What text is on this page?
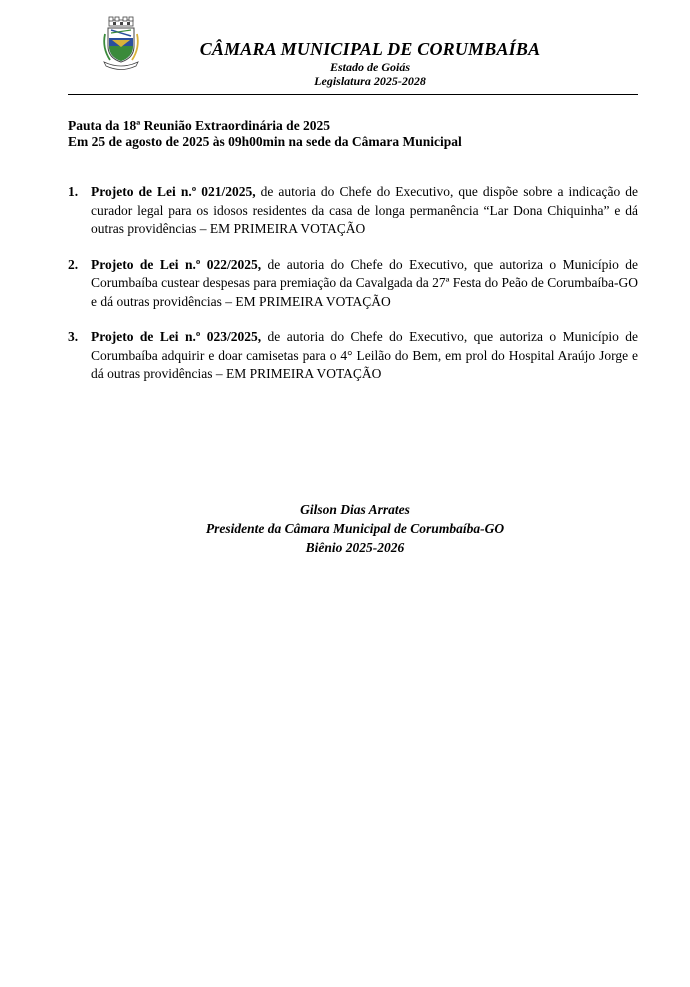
CÂMARA MUNICIPAL DE CORUMBAÍBA
Estado de Goiás
Legislatura 2025-2028
Pauta da 18ª Reunião Extraordinária de 2025
Em 25 de agosto de 2025 às 09h00min na sede da Câmara Municipal
1. Projeto de Lei n.º 021/2025, de autoria do Chefe do Executivo, que dispõe sobre a indicação de curador legal para os idosos residentes da casa de longa permanência “Lar Dona Chiquinha” e dá outras providências – EM PRIMEIRA VOTAÇÃO
2. Projeto de Lei n.º 022/2025, de autoria do Chefe do Executivo, que autoriza o Município de Corumbaíba custear despesas para premiação da Cavalgada da 27ª Festa do Peão de Corumbaíba-GO e dá outras providências – EM PRIMEIRA VOTAÇÃO
3. Projeto de Lei n.º 023/2025, de autoria do Chefe do Executivo, que autoriza o Município de Corumbaíba adquirir e doar camisetas para o 4° Leilão do Bem, em prol do Hospital Araújo Jorge e dá outras providências – EM PRIMEIRA VOTAÇÃO
Gilson Dias Arrates
Presidente da Câmara Municipal de Corumbaíba-GO
Biênio 2025-2026
